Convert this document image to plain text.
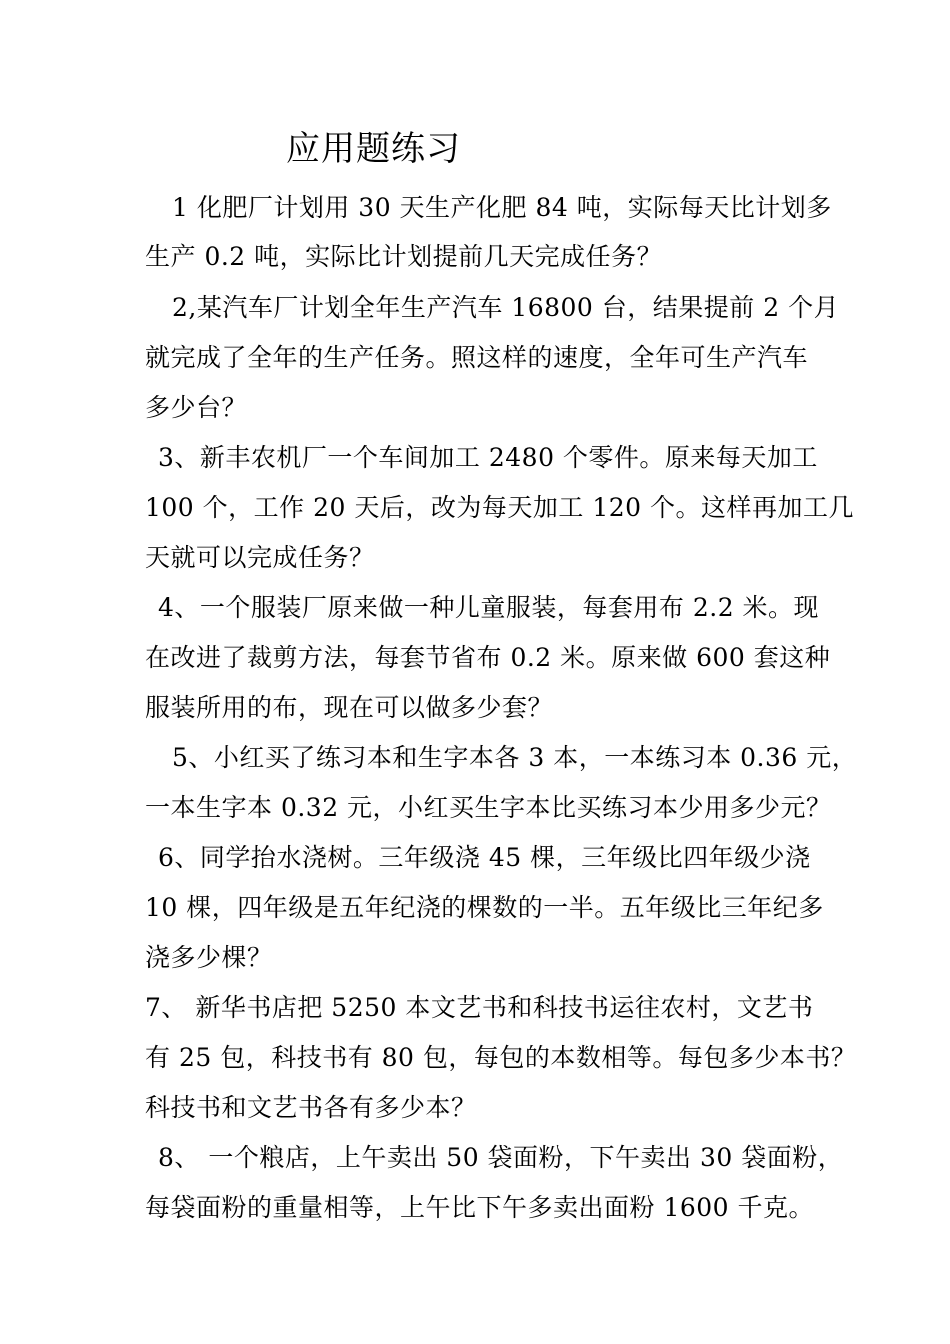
应用题练习
1 化肥厂计划用 30 天生产化肥 84 吨，实际每天比计划多
生产 0.2 吨，实际比计划提前几天完成任务？
2,某汽车厂计划全年生产汽车 16800 台，结果提前 2 个月
就完成了全年的生产任务。照这样的速度，全年可生产汽车
多少台？
3、新丰农机厂一个车间加工 2480 个零件。原来每天加工
100 个，工作 20 天后，改为每天加工 120 个。这样再加工几
天就可以完成任务？
4、一个服装厂原来做一种儿童服装，每套用布 2.2 米。现
在改进了裁剪方法，每套节省布 0.2 米。原来做 600 套这种
服装所用的布，现在可以做多少套？
5、小红买了练习本和生字本各 3 本，一本练习本 0.36 元，
一本生字本 0.32 元，小红买生字本比买练习本少用多少元？
6、同学抬水浇树。三年级浇 45 棵，三年级比四年级少浇
10 棵，四年级是五年纪浇的棵数的一半。五年级比三年纪多
浇多少棵？
7、 新华书店把 5250 本文艺书和科技书运往农村，文艺书
有 25 包，科技书有 80 包，每包的本数相等。每包多少本书？
科技书和文艺书各有多少本？
8、 一个粮店，上午卖出 50 袋面粉，下午卖出 30 袋面粉，
每袋面粉的重量相等，上午比下午多卖出面粉 1600 千克。
